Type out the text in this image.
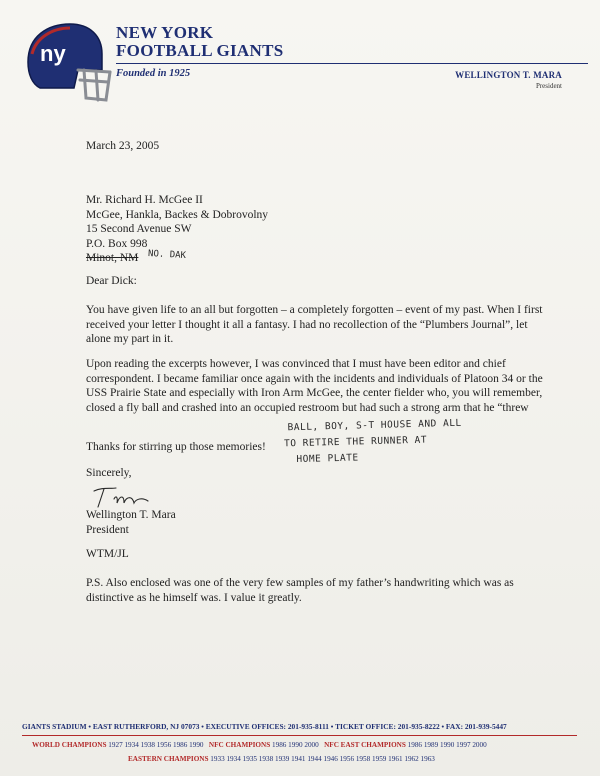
ny
NEW YORK
FOOTBALL GIANTS
Founded in 1925	WELLINGTON T. MARA
President
March 23, 2005
Mr. Richard H. McGee II
McGee, Hankla, Backes & Dobrovolny
15 Second Avenue SW
P.O. Box 998
Minot, NM	NO. DAK
Dear Dick:
You have given life to an all but forgotten – a completely forgotten – event of my past. When I first received your letter I thought it all a fantasy. I had no recollection of the “Plumbers Journal”, let alone my part in it.
Upon reading the excerpts however, I was convinced that I must have been editor and chief correspondent. I became familiar once again with the incidents and individuals of Platoon 34 or the USS Prairie State and especially with Iron Arm McGee, the center fielder who, you will remember, closed a fly ball and crashed into an occupied restroom but had such a strong arm that he “threw
BALL, BOY, S-T HOUSE AND ALL
TO RETIRE THE RUNNER AT
HOME PLATE
Thanks for stirring up those memories!
Sincerely,
Wellington T. Mara
President
WTM/JL
P.S. Also enclosed was one of the very few samples of my father’s handwriting which was as distinctive as he himself was. I value it greatly.
GIANTS STADIUM • EAST RUTHERFORD, NJ 07073 • EXECUTIVE OFFICES: 201-935-8111 • TICKET OFFICE: 201-935-8222 • FAX: 201-939-5447
WORLD CHAMPIONS 1927 1934 1938 1956 1986 1990 NFC CHAMPIONS 1986 1990 2000 NFC EAST CHAMPIONS 1986 1989 1990 1997 2000
EASTERN CHAMPIONS 1933 1934 1935 1938 1939 1941 1944 1946 1956 1958 1959 1961 1962 1963
